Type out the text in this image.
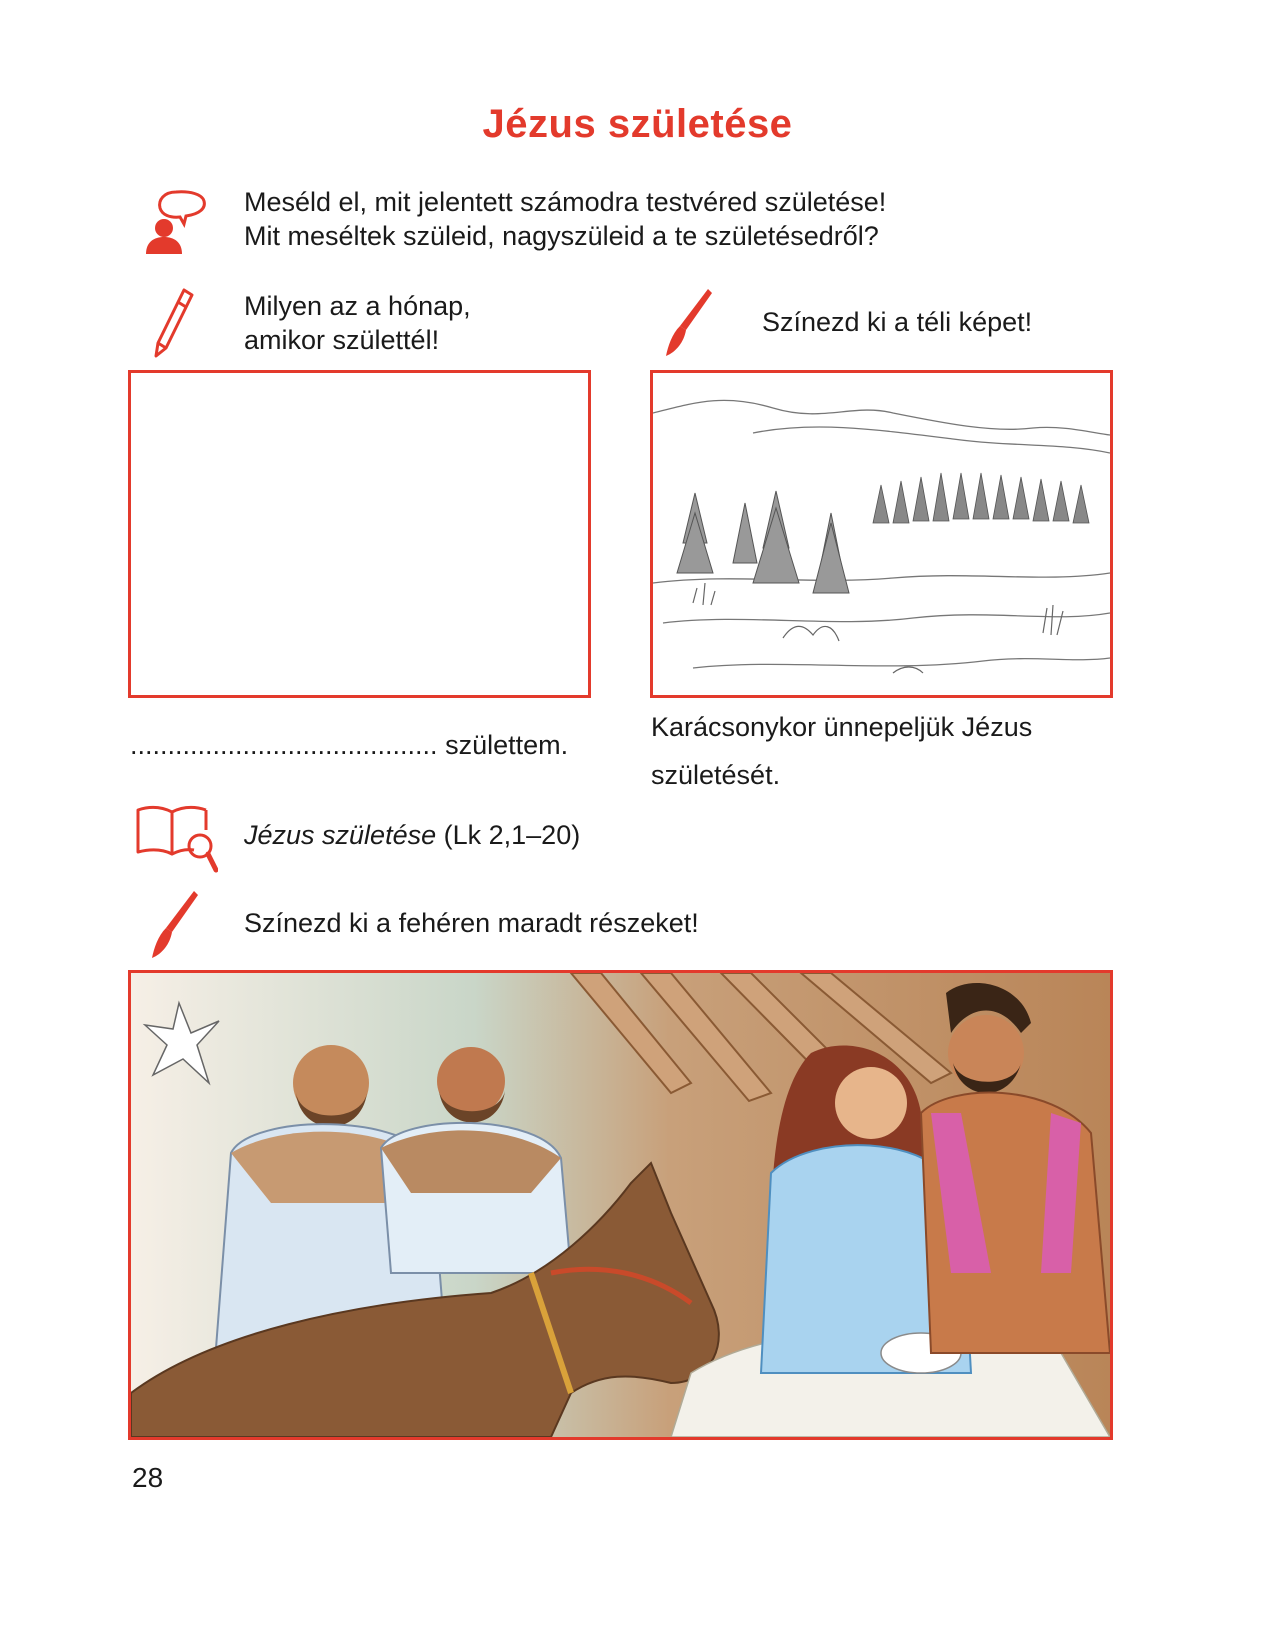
Jézus születése
Meséld el, mit jelentett számodra testvéred születése!
Mit meséltek szüleid, nagyszüleid a te születésedről?
Milyen az a hónap,
amikor születtél!
......................................... születtem.
Színezd ki a téli képet!
Karácsonykor ünnepeljük Jézus
születését.
Jézus születése (Lk 2,1–20)
Színezd ki a fehéren maradt részeket!
28
